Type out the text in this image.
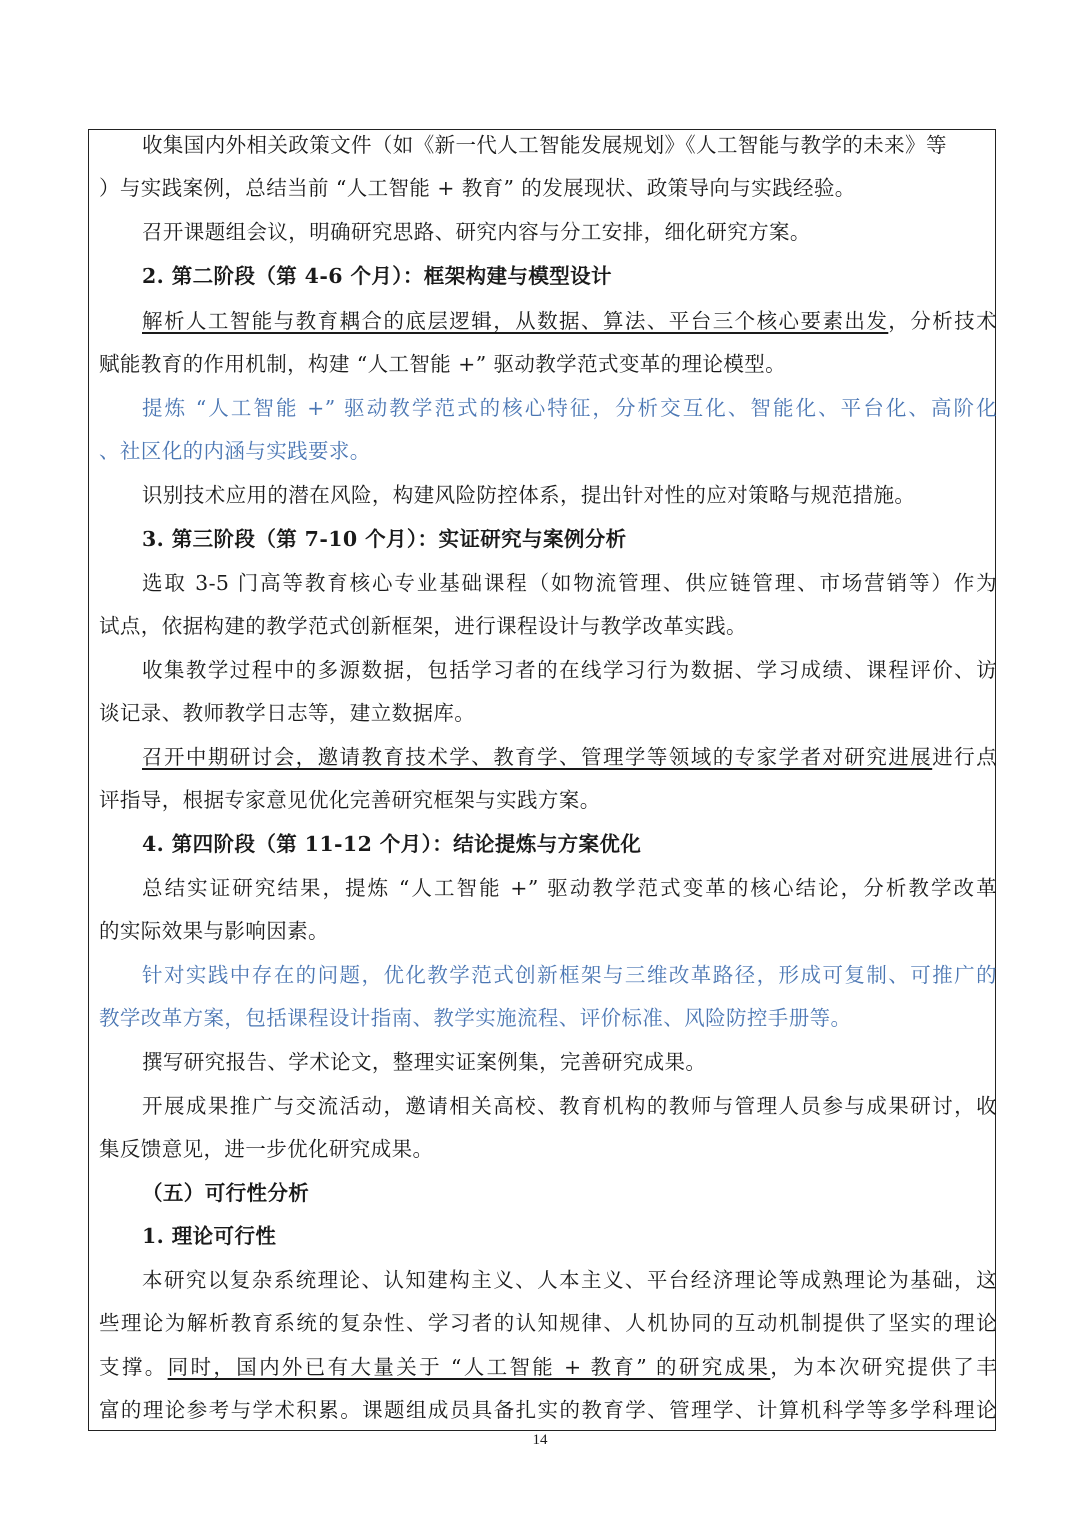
收集国内外相关政策文件（如《新一代人工智能发展规划》《人工智能与教学的未来》等
）与实践案例，总结当前 “人工智能 + 教育” 的发展现状、政策导向与实践经验。
召开课题组会议，明确研究思路、研究内容与分工安排，细化研究方案。
2. 第二阶段（第 4-6 个月）：框架构建与模型设计
解析人工智能与教育耦合的底层逻辑，从数据、算法、平台三个核心要素出发，分析技术
赋能教育的作用机制，构建 “人工智能 +” 驱动教学范式变革的理论模型。
提炼 “人工智能 +” 驱动教学范式的核心特征，分析交互化、智能化、平台化、高阶化
、社区化的内涵与实践要求。
识别技术应用的潜在风险，构建风险防控体系，提出针对性的应对策略与规范措施。
3. 第三阶段（第 7-10 个月）：实证研究与案例分析
选取 3-5 门高等教育核心专业基础课程（如物流管理、供应链管理、市场营销等）作为
试点，依据构建的教学范式创新框架，进行课程设计与教学改革实践。
收集教学过程中的多源数据，包括学习者的在线学习行为数据、学习成绩、课程评价、访
谈记录、教师教学日志等，建立数据库。
召开中期研讨会，邀请教育技术学、教育学、管理学等领域的专家学者对研究进展进行点
评指导，根据专家意见优化完善研究框架与实践方案。
4. 第四阶段（第 11-12 个月）：结论提炼与方案优化
总结实证研究结果，提炼 “人工智能 +” 驱动教学范式变革的核心结论，分析教学改革
的实际效果与影响因素。
针对实践中存在的问题，优化教学范式创新框架与三维改革路径，形成可复制、可推广的
教学改革方案，包括课程设计指南、教学实施流程、评价标准、风险防控手册等。
撰写研究报告、学术论文，整理实证案例集，完善研究成果。
开展成果推广与交流活动，邀请相关高校、教育机构的教师与管理人员参与成果研讨，收
集反馈意见，进一步优化研究成果。
（五）可行性分析
1. 理论可行性
本研究以复杂系统理论、认知建构主义、人本主义、平台经济理论等成熟理论为基础，这
些理论为解析教育系统的复杂性、学习者的认知规律、人机协同的互动机制提供了坚实的理论
支撑。同时，国内外已有大量关于 “人工智能 + 教育” 的研究成果，为本次研究提供了丰
富的理论参考与学术积累。课题组成员具备扎实的教育学、管理学、计算机科学等多学科理论
14
